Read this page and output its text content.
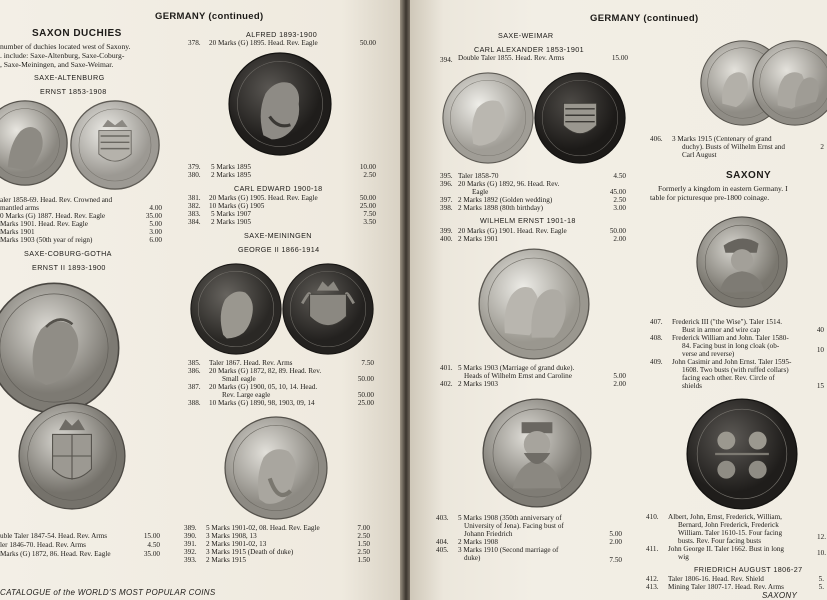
GERMANY (continued)
SAXON DUCHIES
number of duchies located west of Saxony.
. include: Saxe-Altenburg, Saxe-Coburg-
, Saxe-Meiningen, and Saxe-Weimar.
SAXE-ALTENBURG
ERNST 1853-1908
aler 1858-69. Head. Rev. Crowned and
mantled arms	4.00
0 Marks (G) 1887. Head. Rev. Eagle	35.00
Marks 1901. Head. Rev. Eagle	5.00
Marks 1901	3.00
Marks 1903 (50th year of reign)	6.00
SAXE-COBURG-GOTHA
ERNST II 1893-1900
uble Taler 1847-54. Head. Rev. Arms	15.00
ler 1846-70. Head. Rev. Arms	4.50
Marks (G) 1872, 86. Head. Rev. Eagle	35.00
ALFRED 1893-1900
378. 20 Marks (G) 1895. Head. Rev. Eagle	50.00
379. 5 Marks 1895	10.00
380. 2 Marks 1895	2.50
CARL EDWARD 1900-18
381. 20 Marks (G) 1905. Head. Rev. Eagle	50.00
382. 10 Marks (G) 1905	25.00
383. 5 Marks 1907	7.50
384. 2 Marks 1905	3.50
SAXE-MEININGEN
GEORGE II 1866-1914
385. Taler 1867. Head. Rev. Arms	7.50
386. 20 Marks (G) 1872, 82, 89. Head. Rev.
Small eagle	50.00
387. 20 Marks (G) 1900, 05, 10, 14. Head.
Rev. Large eagle	50.00
388. 10 Marks (G) 1890, 98, 1903, 09, 14	25.00
389. 5 Marks 1901-02, 08. Head. Rev. Eagle	7.00
390. 3 Marks 1908, 13	2.50
391. 2 Marks 1901-02, 13	1.50
392. 3 Marks 1915 (Death of duke)	2.50
393. 2 Marks 1915	1.50
CATALOGUE of the WORLD'S MOST POPULAR COINS
GERMANY (continued)
SAXE-WEIMAR
CARL ALEXANDER 1853-1901
394. Double Taler 1855. Head. Rev. Arms	15.00
395. Taler 1858-70	4.50
396. 20 Marks (G) 1892, 96. Head. Rev.
Eagle	45.00
397. 2 Marks 1892 (Golden wedding)	2.50
398. 2 Marks 1898 (80th birthday)	3.00
WILHELM ERNST 1901-18
399. 20 Marks (G) 1901. Head. Rev. Eagle	50.00
400. 2 Marks 1901	2.00
401. 5 Marks 1903 (Marriage of grand duke).
Heads of Wilhelm Ernst and Caroline	5.00
402. 2 Marks 1903	2.00
403. 5 Marks 1908 (350th anniversary of
University of Jena). Facing bust of
Johann Friedrich	5.00
404. 2 Marks 1908	2.00
405. 3 Marks 1910 (Second marriage of
duke)	7.50
406. 3 Marks 1915 (Centenary of grand
duchy). Busts of Wilhelm Ernst and	2
Carl August
SAXONY
Formerly a kingdom in eastern Germany. I
table for picturesque pre-1800 coinage.
407. Frederick III ("the Wise"). Taler 1514.
Bust in armor and wire cap	40
408. Frederick William and John. Taler 1580-
84. Facing bust in long cloak (ob-	10
verse and reverse)
409. John Casimir and John Ernst. Taler 1595-
1608. Two busts (with ruffed collars)
facing each other. Rev. Circle of
shields	15
410. Albert, John, Ernst, Frederick, William,
Bernard, John Frederick, Frederick
William. Taler 1610-15. Four facing
busts. Rev. Four facing busts	12.
411. John George II. Taler 1662. Bust in long
wig	10.
FRIEDRICH AUGUST 1806-27
412. Taler 1806-16. Head. Rev. Shield	5.
413. Mining Taler 1807-17. Head. Rev. Arms	5.
SAXONY
